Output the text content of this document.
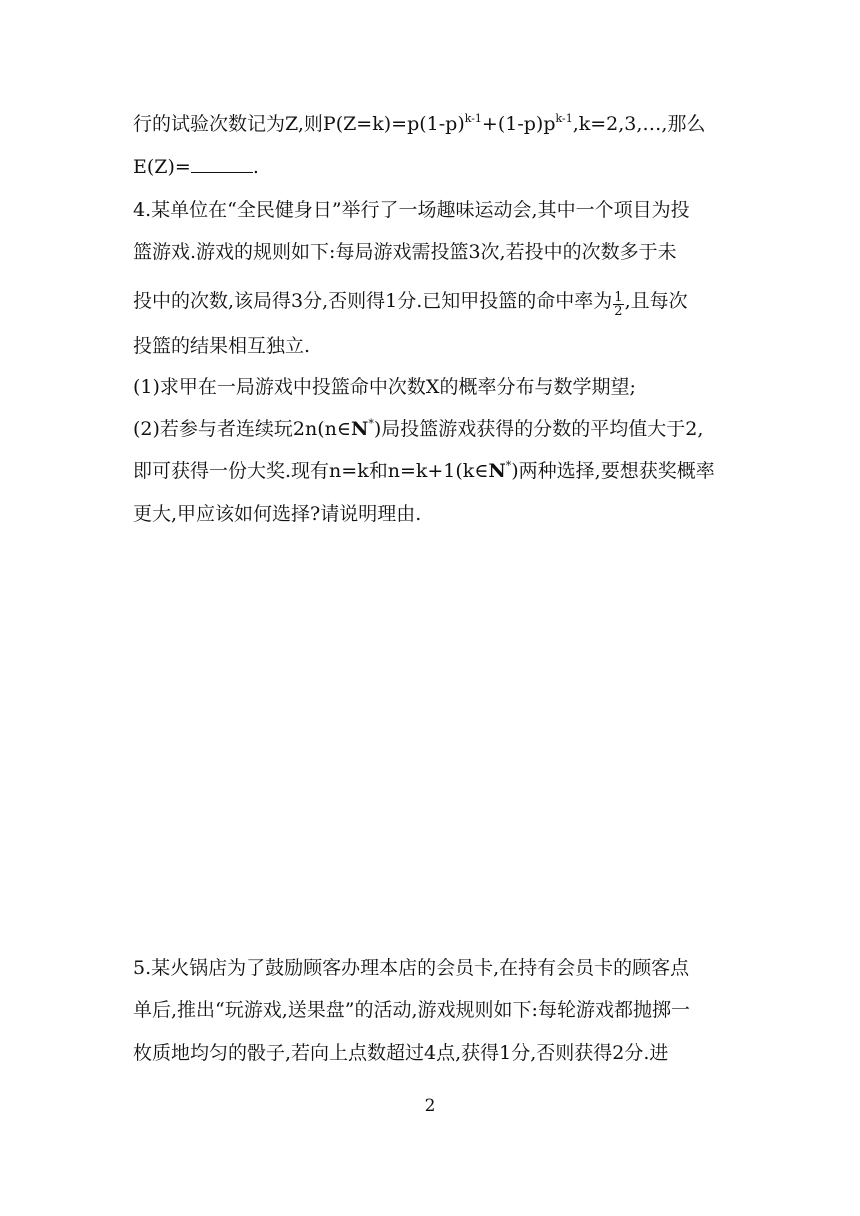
行的试验次数记为Z,则$P(Z=k)=p(1-p)^{k-1}+(1-p)p^{k-1},k=2,3,\dots$,那么
E(Z)=	.
4.某单位在“全民健身日”举行了一场趣味运动会,其中一个项目为投
篮游戏.游戏的规则如下:每局游戏需投篮3次,若投中的次数多于未
投中的次数,该局得3分,否则得1分.已知甲投篮的命中率为 $\frac{1}{2}$ ,且每次
投篮的结果相互独立.
(1)求甲在一局游戏中投篮命中次数X的概率分布与数学期望;
(2)若参与者连续玩2n(n∈N*)局投篮游戏获得的分数的平均值大于2,
即可获得一份大奖.现有n=k和n=k+1(k∈N*)两种选择,要想获奖概率
更大,甲应该如何选择?请说明理由.
5.某火锅店为了鼓励顾客办理本店的会员卡,在持有会员卡的顾客点
单后,推出“玩游戏,送果盘”的活动,游戏规则如下:每轮游戏都抛掷一
枚质地均匀的骰子,若向上点数超过4点,获得1分,否则获得2分.进
2
